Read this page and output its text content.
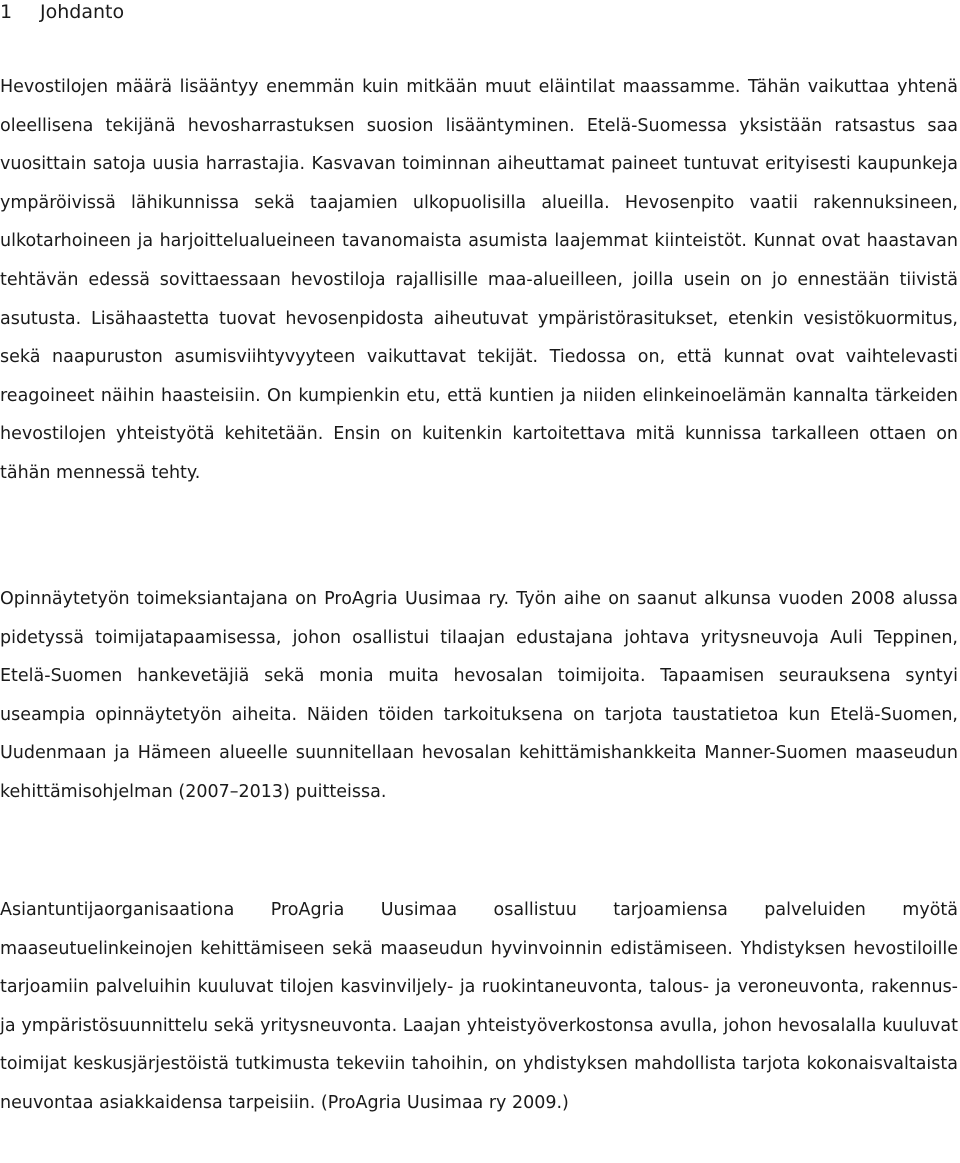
1 Johdanto

Hevostilojen määrä lisääntyy enemmän kuin mitkään muut eläintilat maassamme. Tähän vaikuttaa yhtenä oleellisena tekijänä hevosharrastuksen suosion lisääntyminen. Etelä-Suomessa yksistään ratsastus saa vuosittain satoja uusia harrastajia. Kasvavan toiminnan aiheuttamat paineet tuntuvat erityisesti kaupunkeja ympäröivissä lähikunnissa sekä taajamien ulkopuolisilla alueilla. Hevosenpito vaatii rakennuksineen, ulkotarhoineen ja harjoittelualueineen tavanomaista asumista laajemmat kiinteistöt. Kunnat ovat haastavan tehtävän edessä sovittaessaan hevostiloja rajallisille maa-alueilleen, joilla usein on jo ennestään tiivistä asutusta. Lisähaastetta tuovat hevosenpidosta aiheutuvat ympäristörasitukset, etenkin vesistökuormitus, sekä naapuruston asumisviihtyvyyteen vaikuttavat tekijät. Tiedossa on, että kunnat ovat vaihtelevasti reagoineet näihin haasteisiin. On kumpienkin etu, että kuntien ja niiden elinkeinoelämän kannalta tärkeiden hevostilojen yhteistyötä kehitetään. Ensin on kuitenkin kartoitettava mitä kunnissa tarkalleen ottaen on tähän mennessä tehty.

Opinnäytetyön toimeksiantajana on ProAgria Uusimaa ry. Työn aihe on saanut alkunsa vuoden 2008 alussa pidetyssä toimijatapaamisessa, johon osallistui tilaajan edustajana johtava yritysneuvoja Auli Teppinen, Etelä-Suomen hankevetäjiä sekä monia muita hevosalan toimijoita. Tapaamisen seurauksena syntyi useampia opinnäytetyön aiheita. Näiden töiden tarkoituksena on tarjota taustatietoa kun Etelä-Suomen, Uudenmaan ja Hämeen alueelle suunnitellaan hevosalan kehittämishankkeita Manner-Suomen maaseudun kehittämisohjelman (2007–2013) puitteissa.

Asiantuntijaorganisaationa ProAgria Uusimaa osallistuu tarjoamiensa palveluiden myötä maaseutuelinkeinojen kehittämiseen sekä maaseudun hyvinvoinnin edistämiseen. Yhdistyksen hevostiloille tarjoamiin palveluihin kuuluvat tilojen kasvinviljely- ja ruokintaneuvonta, talous- ja veroneuvonta, rakennus- ja ympäristösuunnittelu sekä yritysneuvonta. Laajan yhteistyöverkostonsa avulla, johon hevosalalla kuuluvat toimijat keskusjärjestöistä tutkimusta tekeviin tahoihin, on yhdistyksen mahdollista tarjota kokonaisvaltaista neuvontaa asiakkaidensa tarpeisiin. (ProAgria Uusimaa ry 2009.)
